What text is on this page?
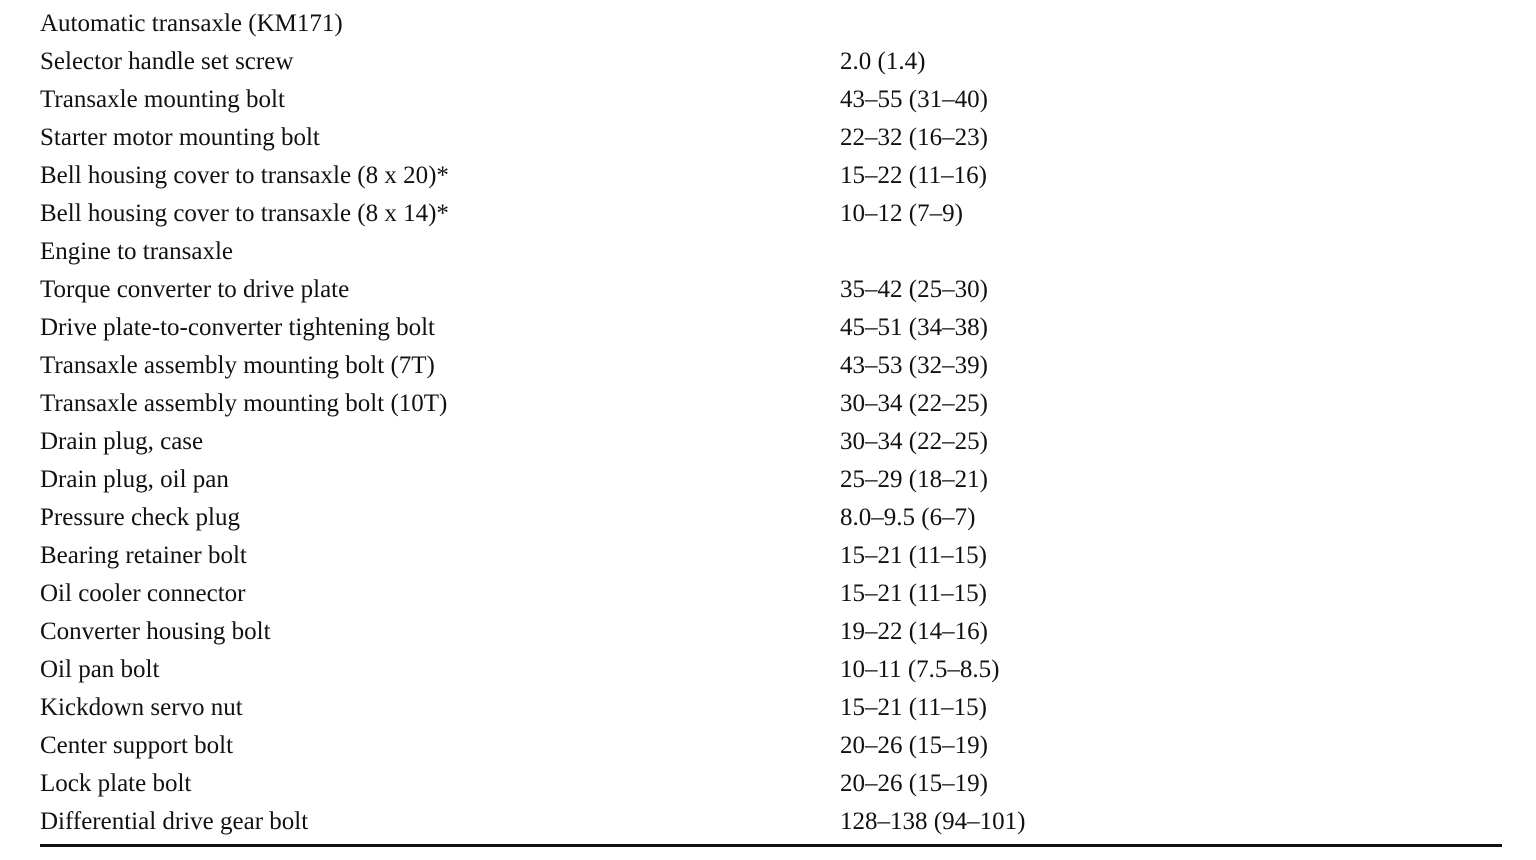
Automatic transaxle (KM171)
Selector handle set screw	2.0 (1.4)
Transaxle mounting bolt	43–55 (31–40)
Starter motor mounting bolt	22–32 (16–23)
Bell housing cover to transaxle (8 x 20)*	15–22 (11–16)
Bell housing cover to transaxle (8 x 14)*	10–12 (7–9)
Engine to transaxle
Torque converter to drive plate	35–42 (25–30)
Drive plate-to-converter tightening bolt	45–51 (34–38)
Transaxle assembly mounting bolt (7T)	43–53 (32–39)
Transaxle assembly mounting bolt (10T)	30–34 (22–25)
Drain plug, case	30–34 (22–25)
Drain plug, oil pan	25–29 (18–21)
Pressure check plug	8.0–9.5 (6–7)
Bearing retainer bolt	15–21 (11–15)
Oil cooler connector	15–21 (11–15)
Converter housing bolt	19–22 (14–16)
Oil pan bolt	10–11 (7.5–8.5)
Kickdown servo nut	15–21 (11–15)
Center support bolt	20–26 (15–19)
Lock plate bolt	20–26 (15–19)
Differential drive gear bolt	128–138 (94–101)
